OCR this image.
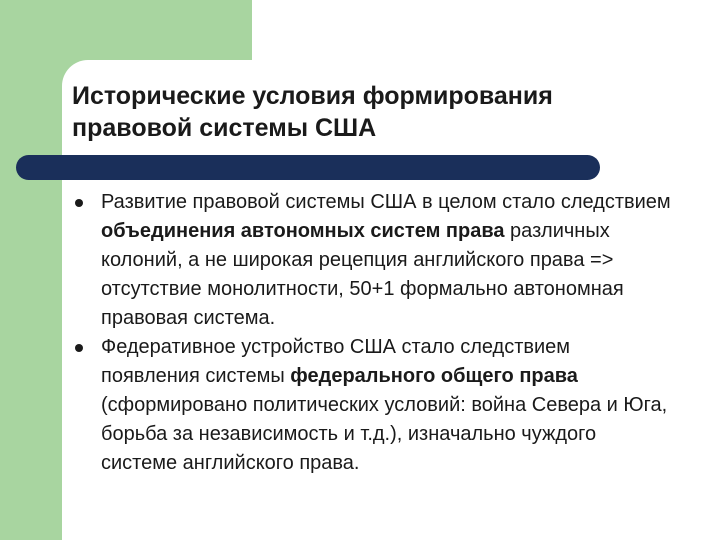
Исторические условия формирования правовой системы США
Развитие правовой системы США в целом стало следствием объединения автономных систем права различных колоний, а не широкая рецепция английского права => отсутствие монолитности, 50+1 формально автономная правовая система.
Федеративное устройство США стало следствием появления системы федерального общего права (сформировано политических условий: война Севера и Юга, борьба за независимость и т.д.), изначально чуждого системе английского права.
